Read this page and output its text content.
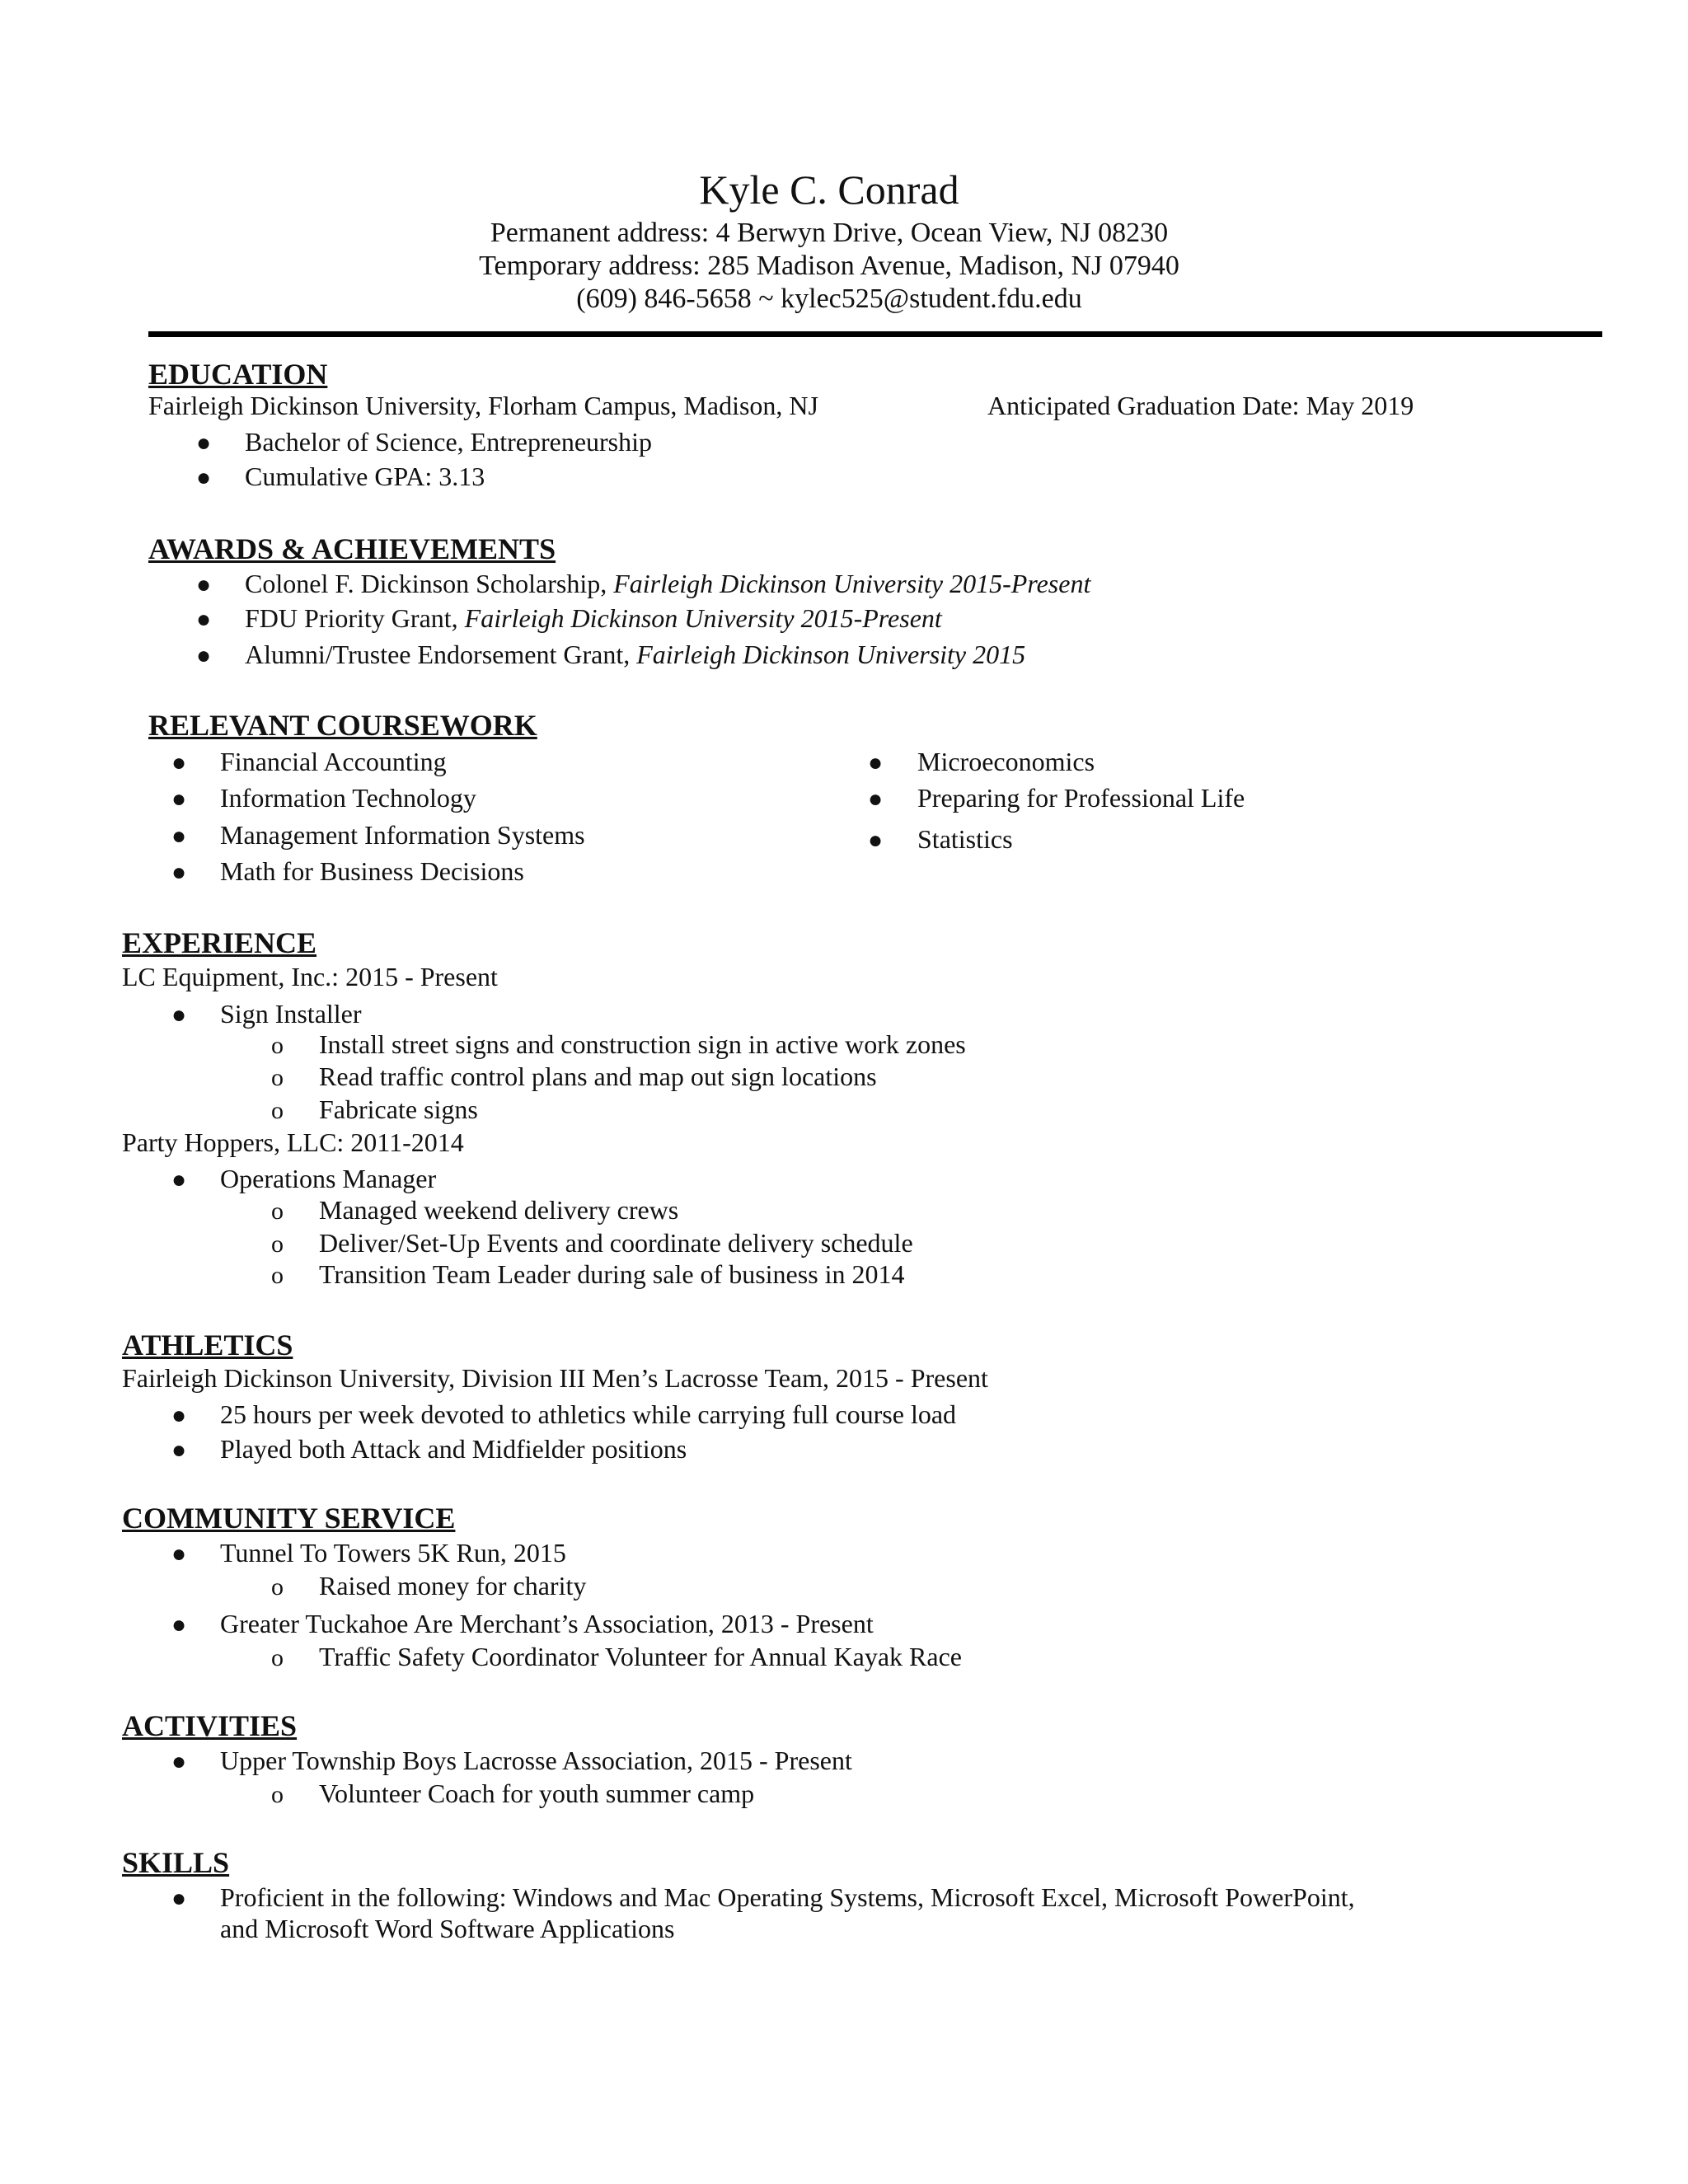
Kyle C. Conrad
Permanent address: 4 Berwyn Drive, Ocean View, NJ 08230
Temporary address: 285 Madison Avenue, Madison, NJ 07940
(609) 846-5658 ~ kylec525@student.fdu.edu
EDUCATION
Fairleigh Dickinson University, Florham Campus, Madison, NJ	Anticipated Graduation Date: May 2019
● Bachelor of Science, Entrepreneurship
● Cumulative GPA: 3.13
AWARDS & ACHIEVEMENTS
● Colonel F. Dickinson Scholarship, Fairleigh Dickinson University 2015-Present
● FDU Priority Grant, Fairleigh Dickinson University 2015-Present
● Alumni/Trustee Endorsement Grant, Fairleigh Dickinson University 2015
RELEVANT COURSEWORK
● Financial Accounting
● Information Technology
● Management Information Systems
● Math for Business Decisions
● Microeconomics
● Preparing for Professional Life
● Statistics
EXPERIENCE
LC Equipment, Inc.: 2015 - Present
● Sign Installer
o Install street signs and construction sign in active work zones
o Read traffic control plans and map out sign locations
o Fabricate signs
Party Hoppers, LLC: 2011-2014
● Operations Manager
o Managed weekend delivery crews
o Deliver/Set-Up Events and coordinate delivery schedule
o Transition Team Leader during sale of business in 2014
ATHLETICS
Fairleigh Dickinson University, Division III Men’s Lacrosse Team, 2015 - Present
● 25 hours per week devoted to athletics while carrying full course load
● Played both Attack and Midfielder positions
COMMUNITY SERVICE
● Tunnel To Towers 5K Run, 2015
o Raised money for charity
● Greater Tuckahoe Are Merchant’s Association, 2013 - Present
o Traffic Safety Coordinator Volunteer for Annual Kayak Race
ACTIVITIES
● Upper Township Boys Lacrosse Association, 2015 - Present
o Volunteer Coach for youth summer camp
SKILLS
● Proficient in the following: Windows and Mac Operating Systems, Microsoft Excel, Microsoft PowerPoint,
and Microsoft Word Software Applications
